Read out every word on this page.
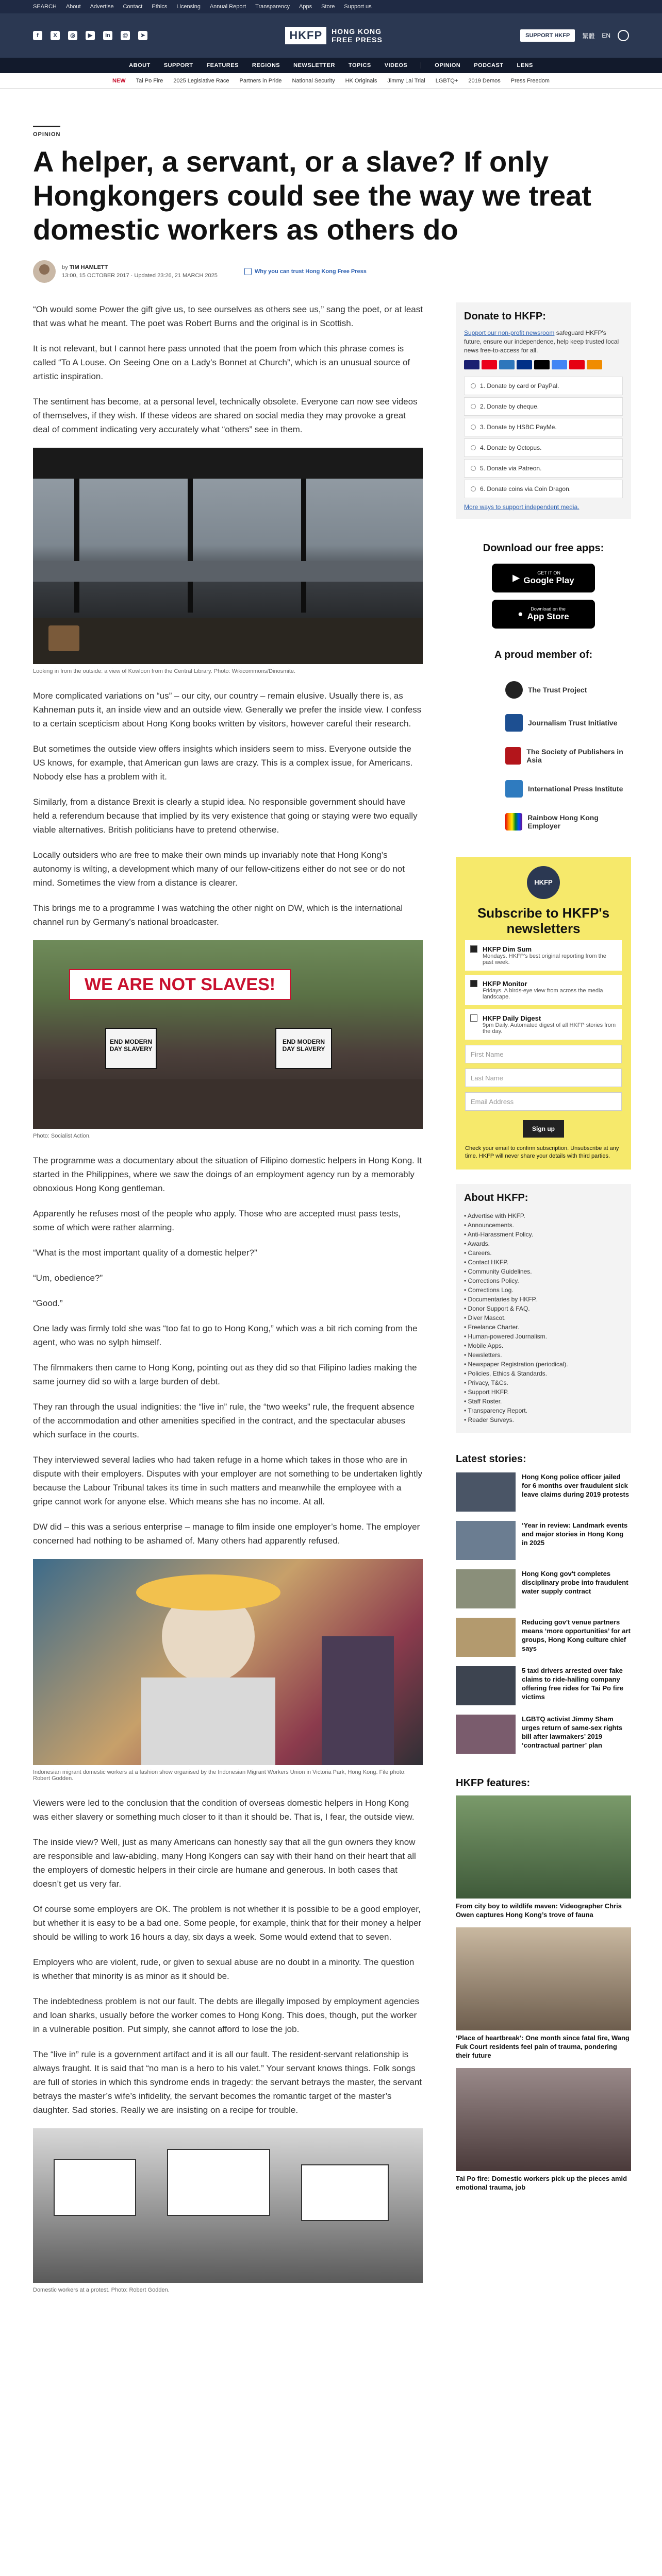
SEARCH About Advertise Contact Ethics Licensing Annual Report Transparency Apps Store Support us
f	X	◎	▶	in	@	➤	HKFP	HONG KONG
FREE PRESS	SUPPORT HKFP	繁體 EN
ABOUT SUPPORT FEATURES REGIONS NEWSLETTER TOPICS VIDEOS	OPINION PODCAST LENS
NEW Tai Po Fire 2025 Legislative Race Partners in Pride National Security HK Originals Jimmy Lai Trial LGBTQ+ 2019 Demos Press Freedom
OPINION
A helper, a servant, or a slave? If only Hongkongers could see the way we treat domestic workers as others do
by TIM HAMLETT
13:00, 15 OCTOBER 2017 · Updated 23:26, 21 MARCH 2025
Why you can trust Hong Kong Free Press

“Oh would some Power the gift give us, to see ourselves as others see us,” sang the poet, or at least that was what he meant. The poet was Robert Burns and the original is in Scottish.

It is not relevant, but I cannot here pass unnoted that the poem from which this phrase comes is called “To A Louse. On Seeing One on a Lady’s Bonnet at Church”, which is an unusual source of artistic inspiration.

The sentiment has become, at a personal level, technically obsolete. Everyone can now see videos of themselves, if they wish. If these videos are shared on social media they may provoke a great deal of comment indicating very accurately what “others” see in them.

Looking in from the outside: a view of Kowloon from the Central Library. Photo: Wikicommons/Dinosmite.

More complicated variations on “us” – our city, our country – remain elusive. Usually there is, as Kahneman puts it, an inside view and an outside view. Generally we prefer the inside view. I confess to a certain scepticism about Hong Kong books written by visitors, however careful their research.

But sometimes the outside view offers insights which insiders seem to miss. Everyone outside the US knows, for example, that American gun laws are crazy. This is a complex issue, for Americans. Nobody else has a problem with it.

Similarly, from a distance Brexit is clearly a stupid idea. No responsible government should have held a referendum because that implied by its very existence that going or staying were two equally viable alternatives. British politicians have to pretend otherwise.

Locally outsiders who are free to make their own minds up invariably note that Hong Kong’s autonomy is wilting, a development which many of our fellow-citizens either do not see or do not mind. Sometimes the view from a distance is clearer.

This brings me to a programme I was watching the other night on DW, which is the international channel run by Germany’s national broadcaster.

WE ARE NOT SLAVES!
END MODERN DAY SLAVERY
END MODERN DAY SLAVERY
Photo: Socialist Action.

The programme was a documentary about the situation of Filipino domestic helpers in Hong Kong. It started in the Philippines, where we saw the doings of an employment agency run by a memorably obnoxious Hong Kong gentleman.

Apparently he refuses most of the people who apply. Those who are accepted must pass tests, some of which were rather alarming.

“What is the most important quality of a domestic helper?”

“Um, obedience?”

“Good.”

One lady was firmly told she was “too fat to go to Hong Kong,” which was a bit rich coming from the agent, who was no sylph himself.

The filmmakers then came to Hong Kong, pointing out as they did so that Filipino ladies making the same journey did so with a large burden of debt.

They ran through the usual indignities: the “live in” rule, the “two weeks” rule, the frequent absence of the accommodation and other amenities specified in the contract, and the spectacular abuses which surface in the courts.

They interviewed several ladies who had taken refuge in a home which takes in those who are in dispute with their employers. Disputes with your employer are not something to be undertaken lightly because the Labour Tribunal takes its time in such matters and meanwhile the employee with a gripe cannot work for anyone else. Which means she has no income. At all.

DW did – this was a serious enterprise – manage to film inside one employer’s home. The employer concerned had nothing to be ashamed of. Many others had apparently refused.

Indonesian migrant domestic workers at a fashion show organised by the Indonesian Migrant Workers Union in Victoria Park, Hong Kong. File photo: Robert Godden.

Viewers were led to the conclusion that the condition of overseas domestic helpers in Hong Kong was either slavery or something much closer to it than it should be. That is, I fear, the outside view.

The inside view? Well, just as many Americans can honestly say that all the gun owners they know are responsible and law-abiding, many Hong Kongers can say with their hand on their heart that all the employers of domestic helpers in their circle are humane and generous. In both cases that doesn’t get us very far.

Of course some employers are OK. The problem is not whether it is possible to be a good employer, but whether it is easy to be a bad one. Some people, for example, think that for their money a helper should be willing to work 16 hours a day, six days a week. Some would extend that to seven.

Employers who are violent, rude, or given to sexual abuse are no doubt in a minority. The question is whether that minority is as minor as it should be.

The indebtedness problem is not our fault. The debts are illegally imposed by employment agencies and loan sharks, usually before the worker comes to Hong Kong. This does, though, put the worker in a vulnerable position. Put simply, she cannot afford to lose the job.

The “live in” rule is a government artifact and it is all our fault. The resident-servant relationship is always fraught. It is said that “no man is a hero to his valet.” Your servant knows things. Folk songs are full of stories in which this syndrome ends in tragedy: the servant betrays the master, the servant betrays the master’s wife’s infidelity, the servant becomes the romantic target of the master’s daughter. Sad stories. Really we are insisting on a recipe for trouble.

Domestic workers at a protest. Photo: Robert Godden.
Donate to HKFP:
Support our non-profit newsroom safeguard HKFP's future, ensure our independence, help keep trusted local news free-to-access for all.
1. Donate by card or PayPal.
2. Donate by cheque.
3. Donate by HSBC PayMe.
4. Donate by Octopus.
5. Donate via Patreon.
6. Donate coins via Coin Dragon.
More ways to support independent media.
Download our free apps:
▶	GET IT ON
Google Play
●	Download on the
App Store
A proud member of:
The Trust Project
Journalism Trust Initiative
The Society of Publishers in Asia
International Press Institute
Rainbow Hong Kong Employer
HKFP
Subscribe to HKFP's newsletters
HKFP Dim Sum
Mondays. HKFP's best original reporting from the past week.
HKFP Monitor
Fridays. A birds-eye view from across the media landscape.
HKFP Daily Digest
9pm Daily. Automated digest of all HKFP stories from the day.
First Name
Last Name
Email Address
Sign up
Check your email to confirm subscription. Unsubscribe at any time. HKFP will never share your details with third parties.
About HKFP:
• Advertise with HKFP.
• Announcements.
• Anti-Harassment Policy.
• Awards.
• Careers.
• Contact HKFP.
• Community Guidelines.
• Corrections Policy.
• Corrections Log.
• Documentaries by HKFP.
• Donor Support & FAQ.
• Diver Mascot.
• Freelance Charter.
• Human-powered Journalism.
• Mobile Apps.
• Newsletters.
• Newspaper Registration (periodical).
• Policies, Ethics & Standards.
• Privacy, T&Cs.
• Support HKFP.
• Staff Roster.
• Transparency Report.
• Reader Surveys.
Latest stories:
Hong Kong police officer jailed for 6 months over fraudulent sick leave claims during 2019 protests
‘Year in review: Landmark events and major stories in Hong Kong in 2025
Hong Kong gov't completes disciplinary probe into fraudulent water supply contract
Reducing gov't venue partners means ‘more opportunities’ for art groups, Hong Kong culture chief says
5 taxi drivers arrested over fake claims to ride-hailing company offering free rides for Tai Po fire victims
LGBTQ activist Jimmy Sham urges return of same-sex rights bill after lawmakers’ 2019 ‘contractual partner’ plan
HKFP features:
From city boy to wildlife maven: Videographer Chris Owen captures Hong Kong’s trove of fauna
‘Place of heartbreak’: One month since fatal fire, Wang Fuk Court residents feel pain of trauma, pondering their future
Tai Po fire: Domestic workers pick up the pieces amid emotional trauma, job
